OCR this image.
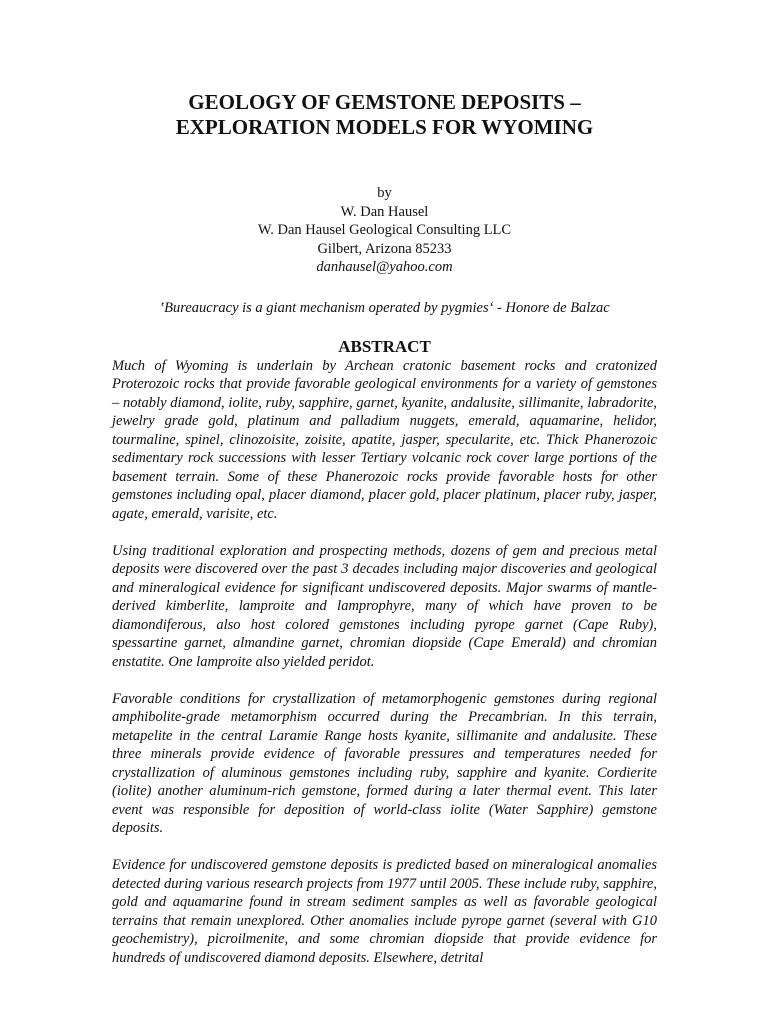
GEOLOGY OF GEMSTONE DEPOSITS –
EXPLORATION MODELS FOR WYOMING
by
W. Dan Hausel
W. Dan Hausel Geological Consulting LLC
Gilbert, Arizona 85233
danhausel@yahoo.com
‛Bureaucracy is a giant mechanism operated by pygmies‘ - Honore de Balzac
ABSTRACT

Much of Wyoming is underlain by Archean cratonic basement rocks and cratonized Proterozoic rocks that provide favorable geological environments for a variety of gemstones – notably diamond, iolite, ruby, sapphire, garnet, kyanite, andalusite, sillimanite, labradorite, jewelry grade gold, platinum and palladium nuggets, emerald, aquamarine, helidor, tourmaline, spinel, clinozoisite, zoisite, apatite, jasper, specularite, etc. Thick Phanerozoic sedimentary rock successions with lesser Tertiary volcanic rock cover large portions of the basement terrain. Some of these Phanerozoic rocks provide favorable hosts for other gemstones including opal, placer diamond, placer gold, placer platinum, placer ruby, jasper, agate, emerald, varisite, etc.

Using traditional exploration and prospecting methods, dozens of gem and precious metal deposits were discovered over the past 3 decades including major discoveries and geological and mineralogical evidence for significant undiscovered deposits. Major swarms of mantle-derived kimberlite, lamproite and lamprophyre, many of which have proven to be diamondiferous, also host colored gemstones including pyrope garnet (Cape Ruby), spessartine garnet, almandine garnet, chromian diopside (Cape Emerald) and chromian enstatite. One lamproite also yielded peridot.

Favorable conditions for crystallization of metamorphogenic gemstones during regional amphibolite-grade metamorphism occurred during the Precambrian. In this terrain, metapelite in the central Laramie Range hosts kyanite, sillimanite and andalusite. These three minerals provide evidence of favorable pressures and temperatures needed for crystallization of aluminous gemstones including ruby, sapphire and kyanite. Cordierite (iolite) another aluminum-rich gemstone, formed during a later thermal event. This later event was responsible for deposition of world-class iolite (Water Sapphire) gemstone deposits.

Evidence for undiscovered gemstone deposits is predicted based on mineralogical anomalies detected during various research projects from 1977 until 2005. These include ruby, sapphire, gold and aquamarine found in stream sediment samples as well as favorable geological terrains that remain unexplored. Other anomalies include pyrope garnet (several with G10 geochemistry), picroilmenite, and some chromian diopside that provide evidence for hundreds of undiscovered diamond deposits. Elsewhere, detrital
